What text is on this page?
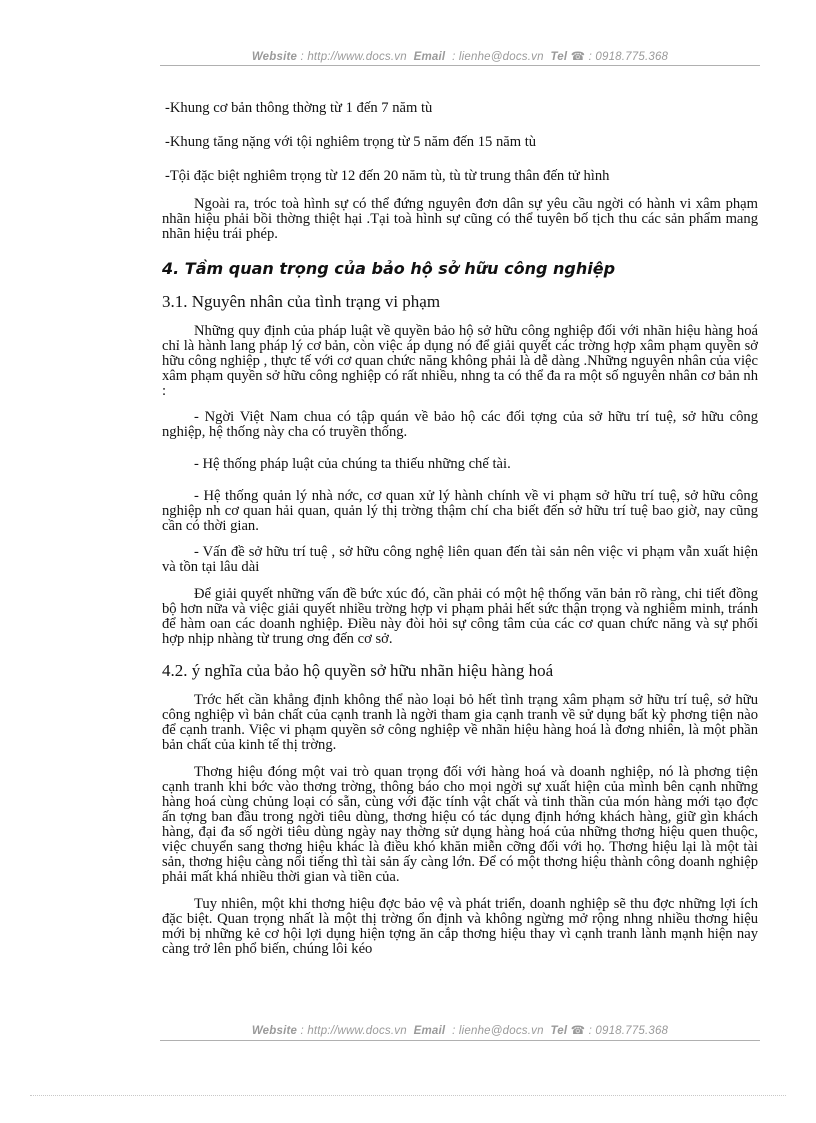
Website : http://www.docs.vn Email : lienhe@docs.vn Tel ☎ : 0918.775.368

-Khung cơ bản thông thờng từ 1 đến 7 năm tù

-Khung tăng nặng với tội nghiêm trọng từ 5 năm đến 15 năm tù

-Tội đặc biệt nghiêm trọng từ 12 đến 20 năm tù, tù từ trung thân đến tử hình

Ngoài ra, tróc toà hình sự có thể đứng nguyên đơn dân sự yêu cầu ngời có hành vi xâm phạm nhãn hiệu phải bồi thờng thiệt hại .Tại toà hình sự cũng có thể tuyên bố tịch thu các sản phẩm mang nhãn hiệu trái phép.

4. Tầm quan trọng của bảo hộ sở hữu công nghiệp
3.1. Nguyên nhân của tình trạng vi phạm

Những quy định của pháp luật về quyền bảo hộ sở hữu công nghiệp đối với nhãn hiệu hàng hoá chỉ là hành lang pháp lý cơ bản, còn việc áp dụng nó để giải quyết các trờng hợp xâm phạm quyền sở hữu công nghiệp , thực tế với cơ quan chức năng không phải là dễ dàng .Những nguyên nhân của việc xâm phạm quyền sở hữu công nghiệp có rất nhiều, nhng ta có thể đa ra một số nguyên nhân cơ bản nh :

- Ngời Việt Nam chua có tập quán về bảo hộ các đối tợng của sở hữu trí tuệ, sở hữu công nghiệp, hệ thống này cha có truyền thống.

- Hệ thống pháp luật của chúng ta thiếu những chế tài.

- Hệ thống quản lý nhà nớc, cơ quan xử lý hành chính về vi phạm sở hữu trí tuệ, sở hữu công nghiệp nh cơ quan hải quan, quản lý thị trờng thậm chí cha biết đến sở hữu trí tuệ bao giờ, nay cũng cần có thời gian.

- Vấn đề sở hữu trí tuệ , sở hữu công nghệ liên quan đến tài sản nên việc vi phạm vẫn xuất hiện và tồn tại lâu dài

Để giải quyết những vấn đề bức xúc đó, cần phải có một hệ thống văn bản rõ ràng, chi tiết đồng bộ hơn nữa và việc giải quyết nhiều trờng hợp vi phạm phải hết sức thận trọng và nghiêm minh, tránh để hàm oan các doanh nghiệp. Điều này đòi hỏi sự công tâm của các cơ quan chức năng và sự phối hợp nhịp nhàng từ trung ơng đến cơ sở.

4.2. ý nghĩa của bảo hộ quyền sở hữu nhãn hiệu hàng hoá

Trớc hết cần khẳng định không thể nào loại bỏ hết tình trạng xâm phạm sở hữu trí tuệ, sở hữu công nghiệp vì bản chất của cạnh tranh là ngời tham gia cạnh tranh về sử dụng bất kỳ phơng tiện nào để cạnh tranh. Việc vi phạm quyền sở công nghiệp về nhãn hiệu hàng hoá là đơng nhiên, là một phần bản chất của kinh tế thị trờng.

Thơng hiệu đóng một vai trò quan trọng đối với hàng hoá và doanh nghiệp, nó là phơng tiện cạnh tranh khi bớc vào thơng trờng, thông báo cho mọi ngời sự xuất hiện của mình bên cạnh những hàng hoá cùng chủng loại có sẵn, cùng với đặc tính vật chất và tinh thần của món hàng mới tạo đợc ấn tợng ban đầu trong ngời tiêu dùng, thơng hiệu có tác dụng định hớng khách hàng, giữ gìn khách hàng, đại đa số ngời tiêu dùng ngày nay thờng sử dụng hàng hoá của những thơng hiệu quen thuộc, việc chuyển sang thơng hiệu khác là điều khó khăn miễn cỡng đối với họ. Thơng hiệu lại là một tài sản, thơng hiệu càng nổi tiếng thì tài sản ấy càng lớn. Để có một thơng hiệu thành công doanh nghiệp phải mất khá nhiều thời gian và tiền của.

Tuy nhiên, một khi thơng hiệu đợc bảo vệ và phát triển, doanh nghiệp sẽ thu đợc những lợi ích đặc biệt. Quan trọng nhất là một thị trờng ổn định và không ngừng mở rộng nhng nhiều thơng hiệu mới bị những kẻ cơ hội lợi dụng hiện tợng ăn cắp thơng hiệu thay vì cạnh tranh lành mạnh hiện nay càng trở lên phổ biến, chúng lôi kéo

Website : http://www.docs.vn Email : lienhe@docs.vn Tel ☎ : 0918.775.368
